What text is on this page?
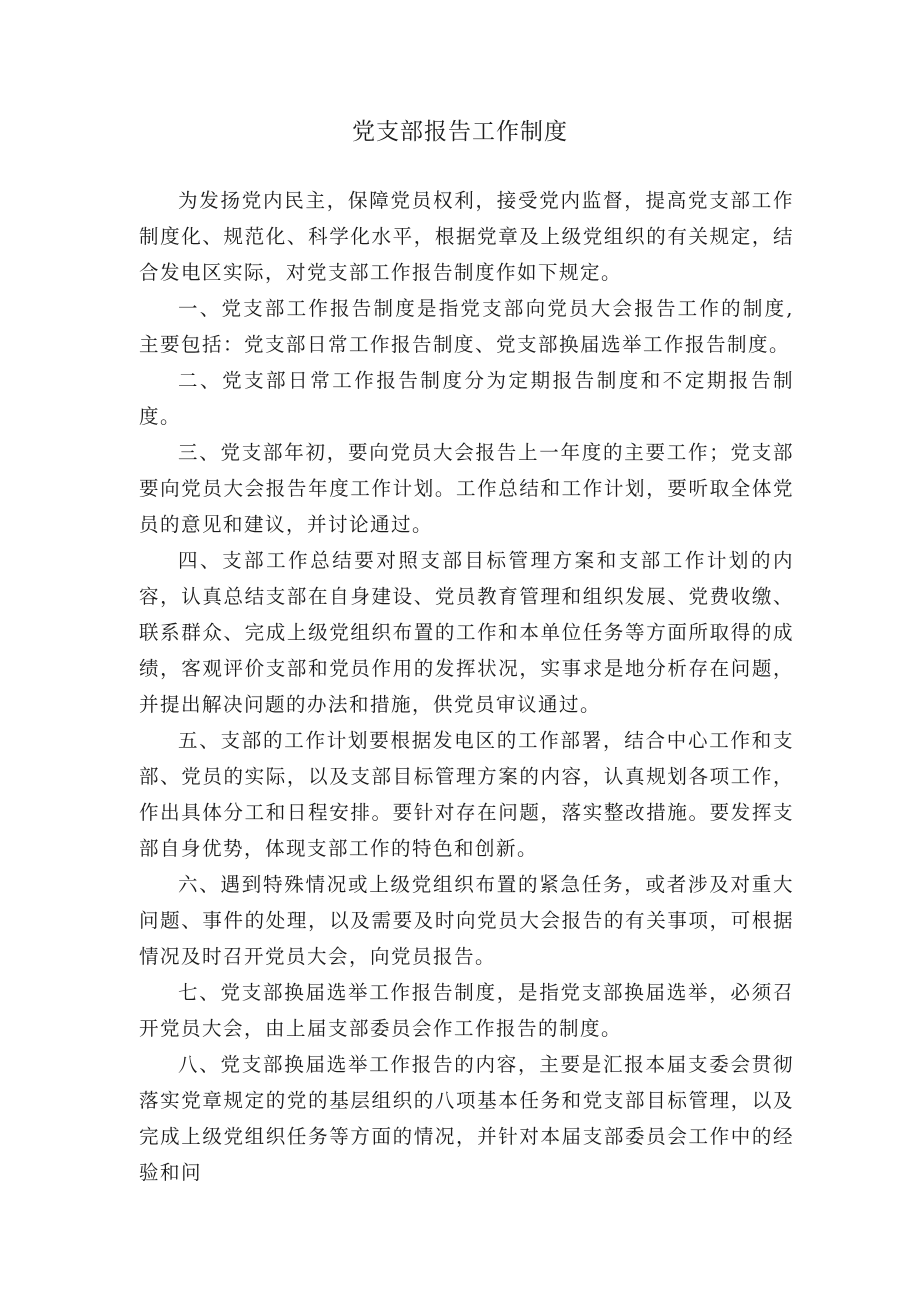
党支部报告工作制度

为发扬党内民主，保障党员权利，接受党内监督，提高党支部工作制度化、规范化、科学化水平，根据党章及上级党组织的有关规定，结合发电区实际，对党支部工作报告制度作如下规定。

一、党支部工作报告制度是指党支部向党员大会报告工作的制度,主要包括：党支部日常工作报告制度、党支部换届选举工作报告制度。

二、党支部日常工作报告制度分为定期报告制度和不定期报告制度。

三、党支部年初，要向党员大会报告上一年度的主要工作；党支部要向党员大会报告年度工作计划。工作总结和工作计划，要听取全体党员的意见和建议，并讨论通过。

四、支部工作总结要对照支部目标管理方案和支部工作计划的内容，认真总结支部在自身建设、党员教育管理和组织发展、党费收缴、联系群众、完成上级党组织布置的工作和本单位任务等方面所取得的成绩，客观评价支部和党员作用的发挥状况，实事求是地分析存在问题，并提出解决问题的办法和措施，供党员审议通过。

五、支部的工作计划要根据发电区的工作部署，结合中心工作和支部、党员的实际，以及支部目标管理方案的内容，认真规划各项工作，作出具体分工和日程安排。要针对存在问题，落实整改措施。要发挥支部自身优势，体现支部工作的特色和创新。

六、遇到特殊情况或上级党组织布置的紧急任务，或者涉及对重大问题、事件的处理，以及需要及时向党员大会报告的有关事项，可根据情况及时召开党员大会，向党员报告。

七、党支部换届选举工作报告制度，是指党支部换届选举，必须召开党员大会，由上届支部委员会作工作报告的制度。

八、党支部换届选举工作报告的内容，主要是汇报本届支委会贯彻落实党章规定的党的基层组织的八项基本任务和党支部目标管理，以及完成上级党组织任务等方面的情况，并针对本届支部委员会工作中的经验和问
